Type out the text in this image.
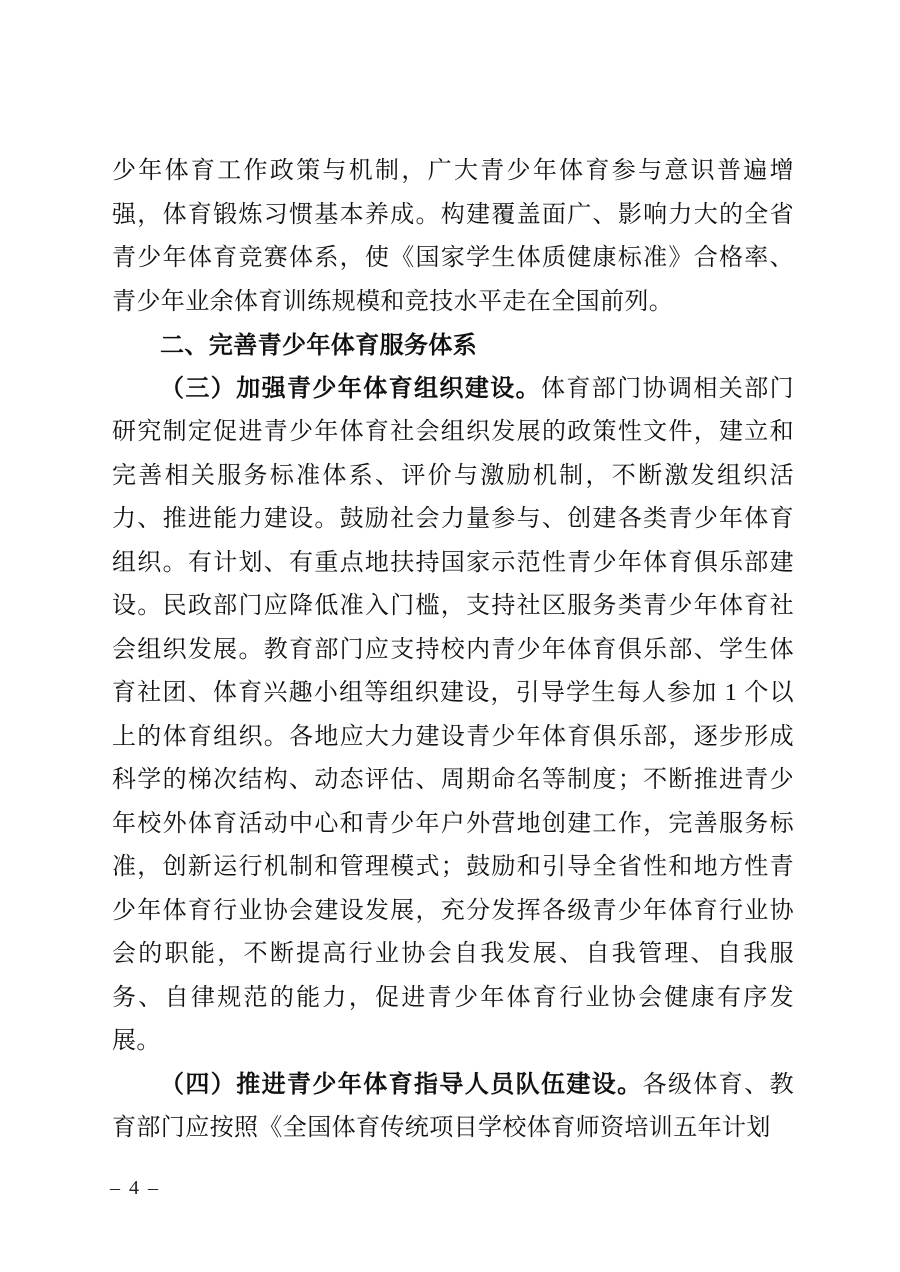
少年体育工作政策与机制，广大青少年体育参与意识普遍增强，体育锻炼习惯基本养成。构建覆盖面广、影响力大的全省青少年体育竞赛体系，使《国家学生体质健康标准》合格率、青少年业余体育训练规模和竞技水平走在全国前列。

二、完善青少年体育服务体系

（三）加强青少年体育组织建设。体育部门协调相关部门研究制定促进青少年体育社会组织发展的政策性文件，建立和完善相关服务标准体系、评价与激励机制，不断激发组织活力、推进能力建设。鼓励社会力量参与、创建各类青少年体育组织。有计划、有重点地扶持国家示范性青少年体育俱乐部建设。民政部门应降低准入门槛，支持社区服务类青少年体育社会组织发展。教育部门应支持校内青少年体育俱乐部、学生体育社团、体育兴趣小组等组织建设，引导学生每人参加 1 个以上的体育组织。各地应大力建设青少年体育俱乐部，逐步形成科学的梯次结构、动态评估、周期命名等制度；不断推进青少年校外体育活动中心和青少年户外营地创建工作，完善服务标准，创新运行机制和管理模式；鼓励和引导全省性和地方性青少年体育行业协会建设发展，充分发挥各级青少年体育行业协会的职能，不断提高行业协会自我发展、自我管理、自我服务、自律规范的能力，促进青少年体育行业协会健康有序发展。

（四）推进青少年体育指导人员队伍建设。各级体育、教育部门应按照《全国体育传统项目学校体育师资培训五年计划

– 4 –
